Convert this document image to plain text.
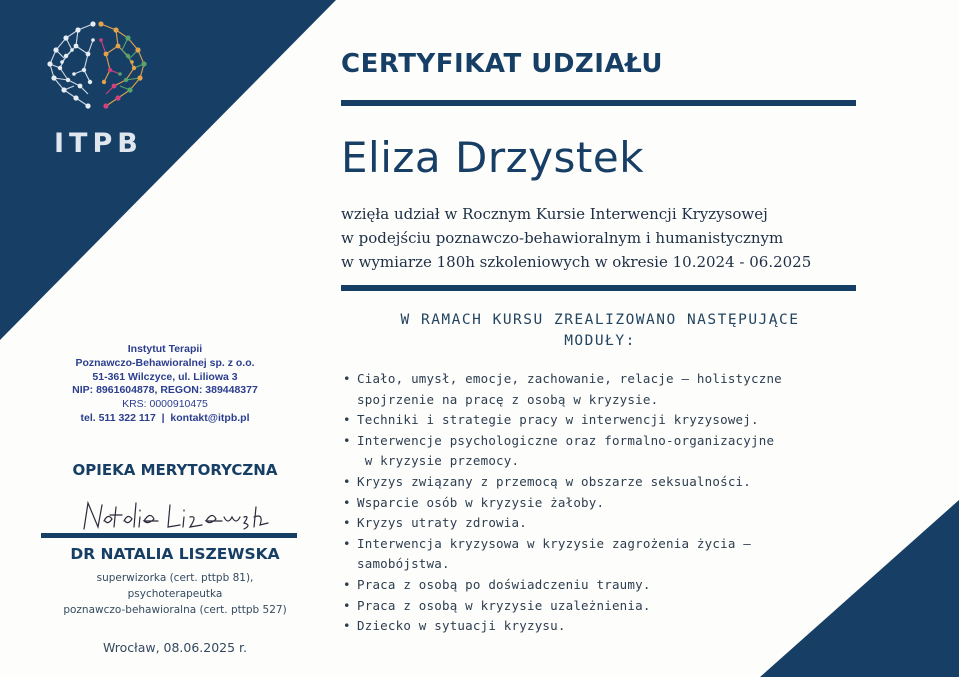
ITPB
CERTYFIKAT UDZIAŁU
Eliza Drzystek
wzięła udział w Rocznym Kursie Interwencji Kryzysowej
w podejściu poznawczo-behawioralnym i humanistycznym
w wymiarze 180h szkoleniowych w okresie 10.2024 - 06.2025
W RAMACH KURSU ZREALIZOWANO NASTĘPUJĄCE
MODUŁY:
• Ciało, umysł, emocje, zachowanie, relacje – holistyczne
spojrzenie na pracę z osobą w kryzysie.
• Techniki i strategie pracy w interwencji kryzysowej.
• Interwencje psychologiczne oraz formalno-organizacyjne
w kryzysie przemocy.
• Kryzys związany z przemocą w obszarze seksualności.
• Wsparcie osób w kryzysie żałoby.
• Kryzys utraty zdrowia.
• Interwencja kryzysowa w kryzysie zagrożenia życia –
samobójstwa.
• Praca z osobą po doświadczeniu traumy.
• Praca z osobą w kryzysie uzależnienia.
• Dziecko w sytuacji kryzysu.
Instytut Terapii
Poznawczo-Behawioralnej sp. z o.o.
51-361 Wilczyce, ul. Liliowa 3
NIP: 8961604878, REGON: 389448377
KRS: 0000910475
tel. 511 322 117  |  kontakt@itpb.pl
OPIEKA MERYTORYCZNA
DR NATALIA LISZEWSKA
superwizorka (cert. pttpb 81),
psychoterapeutka
poznawczo-behawioralna (cert. pttpb 527)
Wrocław, 08.06.2025 r.
